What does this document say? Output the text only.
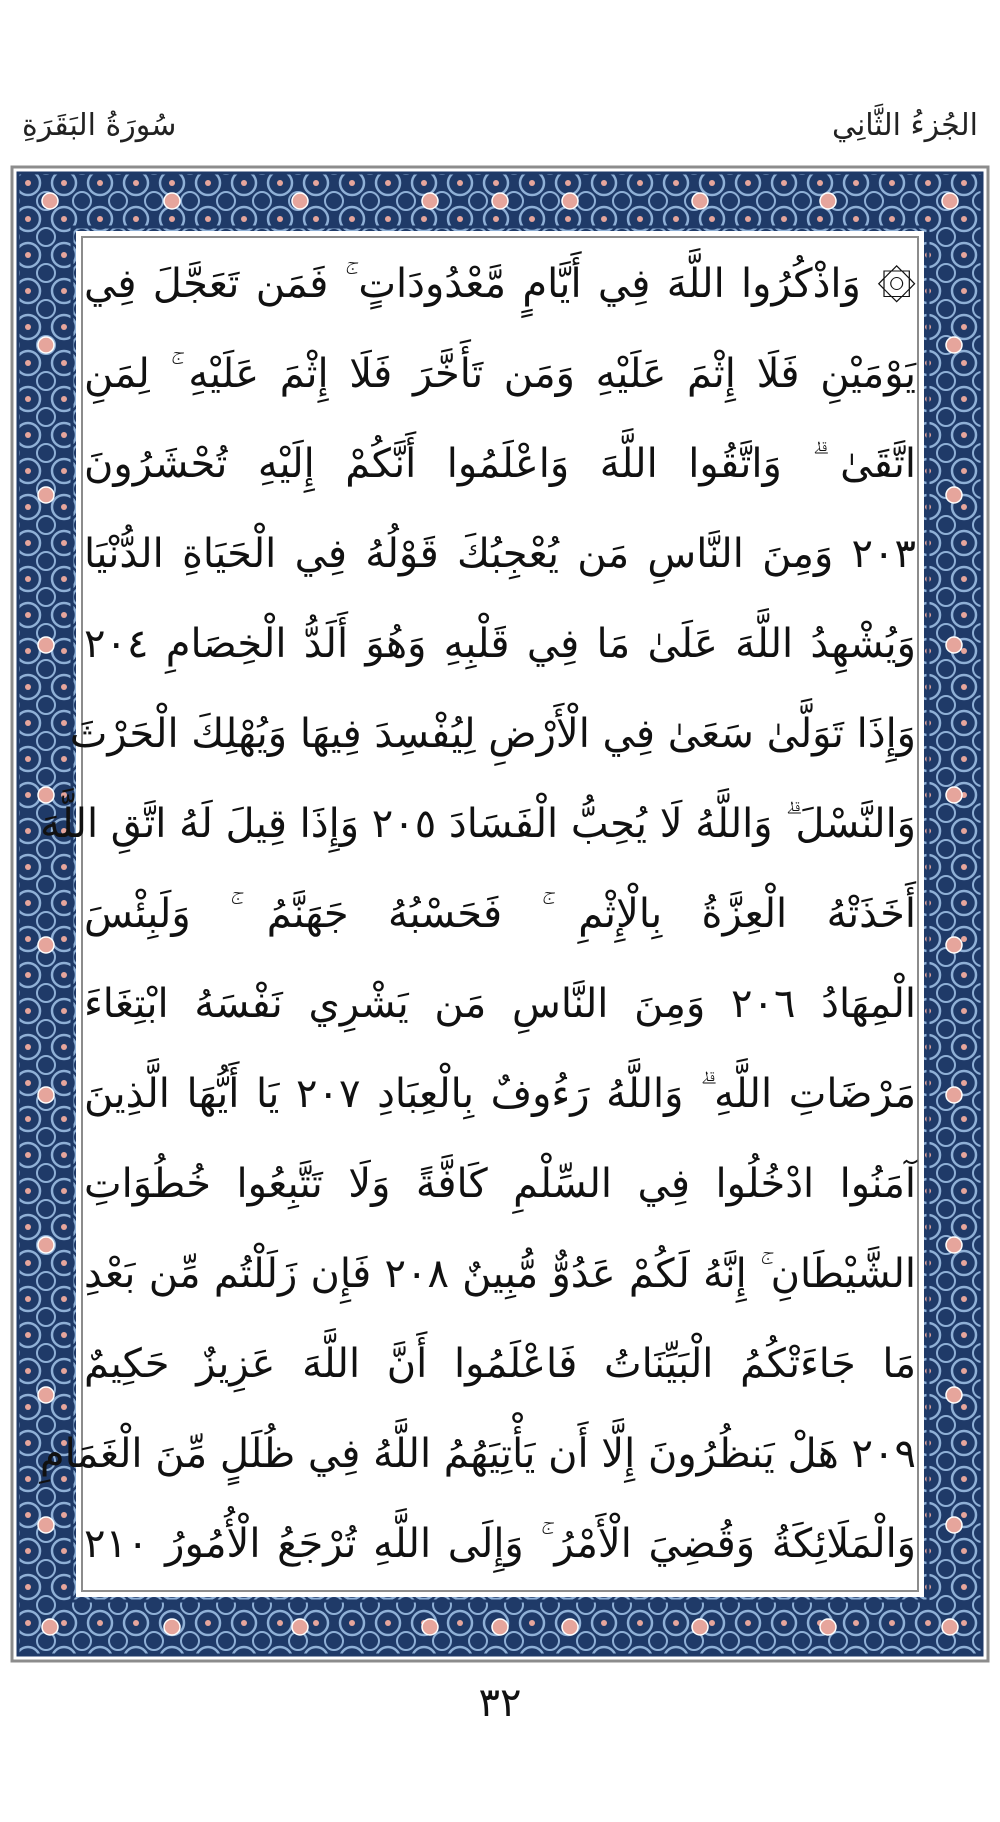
سُورَةُ البَقَرَةِ	الجُزءُ الثَّانِي
۞ وَاذْكُرُوا اللَّهَ فِي أَيَّامٍ مَّعْدُودَاتٍ ۚ فَمَن تَعَجَّلَ فِي
يَوْمَيْنِ فَلَا إِثْمَ عَلَيْهِ وَمَن تَأَخَّرَ فَلَا إِثْمَ عَلَيْهِ ۚ لِمَنِ
اتَّقَىٰ ۗ وَاتَّقُوا اللَّهَ وَاعْلَمُوا أَنَّكُمْ إِلَيْهِ تُحْشَرُونَ
٢٠٣ وَمِنَ النَّاسِ مَن يُعْجِبُكَ قَوْلُهُ فِي الْحَيَاةِ الدُّنْيَا
وَيُشْهِدُ اللَّهَ عَلَىٰ مَا فِي قَلْبِهِ وَهُوَ أَلَدُّ الْخِصَامِ ٢٠٤
وَإِذَا تَوَلَّىٰ سَعَىٰ فِي الْأَرْضِ لِيُفْسِدَ فِيهَا وَيُهْلِكَ الْحَرْثَ
وَالنَّسْلَ ۗ وَاللَّهُ لَا يُحِبُّ الْفَسَادَ ٢٠٥ وَإِذَا قِيلَ لَهُ اتَّقِ اللَّهَ
أَخَذَتْهُ الْعِزَّةُ بِالْإِثْمِ ۚ فَحَسْبُهُ جَهَنَّمُ ۚ وَلَبِئْسَ
الْمِهَادُ ٢٠٦ وَمِنَ النَّاسِ مَن يَشْرِي نَفْسَهُ ابْتِغَاءَ
مَرْضَاتِ اللَّهِ ۗ وَاللَّهُ رَءُوفٌ بِالْعِبَادِ ٢٠٧ يَا أَيُّهَا الَّذِينَ
آمَنُوا ادْخُلُوا فِي السِّلْمِ كَافَّةً وَلَا تَتَّبِعُوا خُطُوَاتِ
الشَّيْطَانِ ۚ إِنَّهُ لَكُمْ عَدُوٌّ مُّبِينٌ ٢٠٨ فَإِن زَلَلْتُم مِّن بَعْدِ
مَا جَاءَتْكُمُ الْبَيِّنَاتُ فَاعْلَمُوا أَنَّ اللَّهَ عَزِيزٌ حَكِيمٌ
٢٠٩ هَلْ يَنظُرُونَ إِلَّا أَن يَأْتِيَهُمُ اللَّهُ فِي ظُلَلٍ مِّنَ الْغَمَامِ
وَالْمَلَائِكَةُ وَقُضِيَ الْأَمْرُ ۚ وَإِلَى اللَّهِ تُرْجَعُ الْأُمُورُ ٢١٠
٣٢
